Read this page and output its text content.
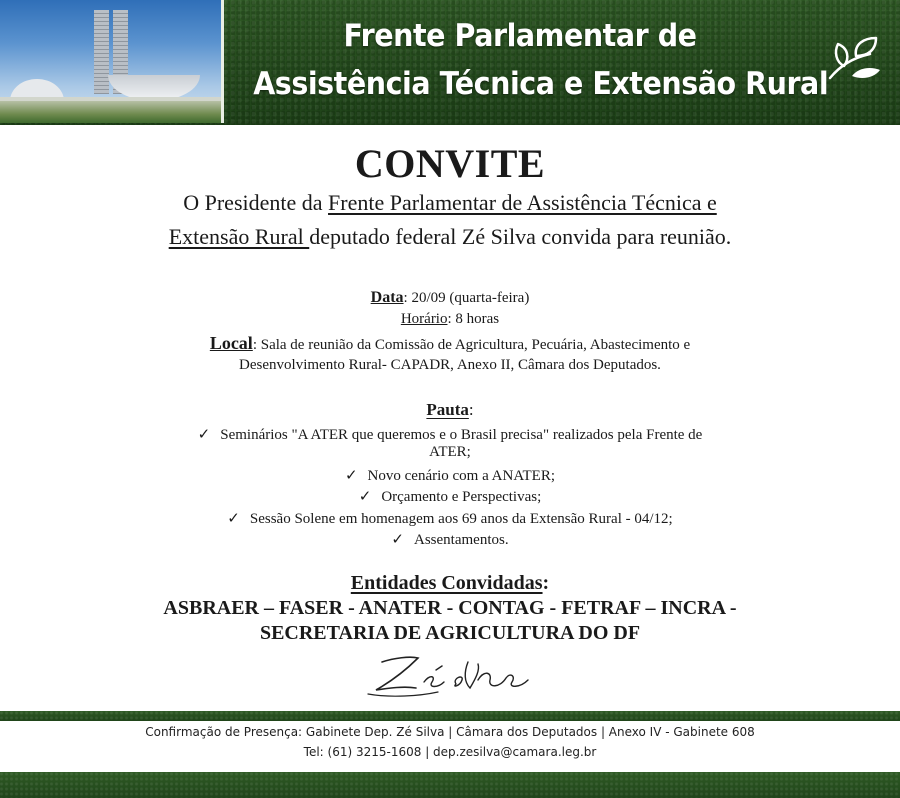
Frente Parlamentar de
Assistência Técnica e Extensão Rural
CONVITE
O Presidente da Frente Parlamentar de Assistência Técnica e
Extensão Rural deputado federal Zé Silva convida para reunião.
Data: 20/09 (quarta-feira)
Horário: 8 horas
Local: Sala de reunião da Comissão de Agricultura, Pecuária, Abastecimento e
Desenvolvimento Rural- CAPADR, Anexo II, Câmara dos Deputados.
Pauta:
✓ Seminários "A ATER que queremos e o Brasil precisa" realizados pela Frente de
ATER;
✓ Novo cenário com a ANATER;
✓ Orçamento e Perspectivas;
✓ Sessão Solene em homenagem aos 69 anos da Extensão Rural - 04/12;
✓ Assentamentos.
Entidades Convidadas:
ASBRAER – FASER - ANATER - CONTAG - FETRAF – INCRA -
SECRETARIA DE AGRICULTURA DO DF
Confirmação de Presença: Gabinete Dep. Zé Silva | Câmara dos Deputados | Anexo IV - Gabinete 608
Tel: (61) 3215-1608 | dep.zesilva@camara.leg.br
